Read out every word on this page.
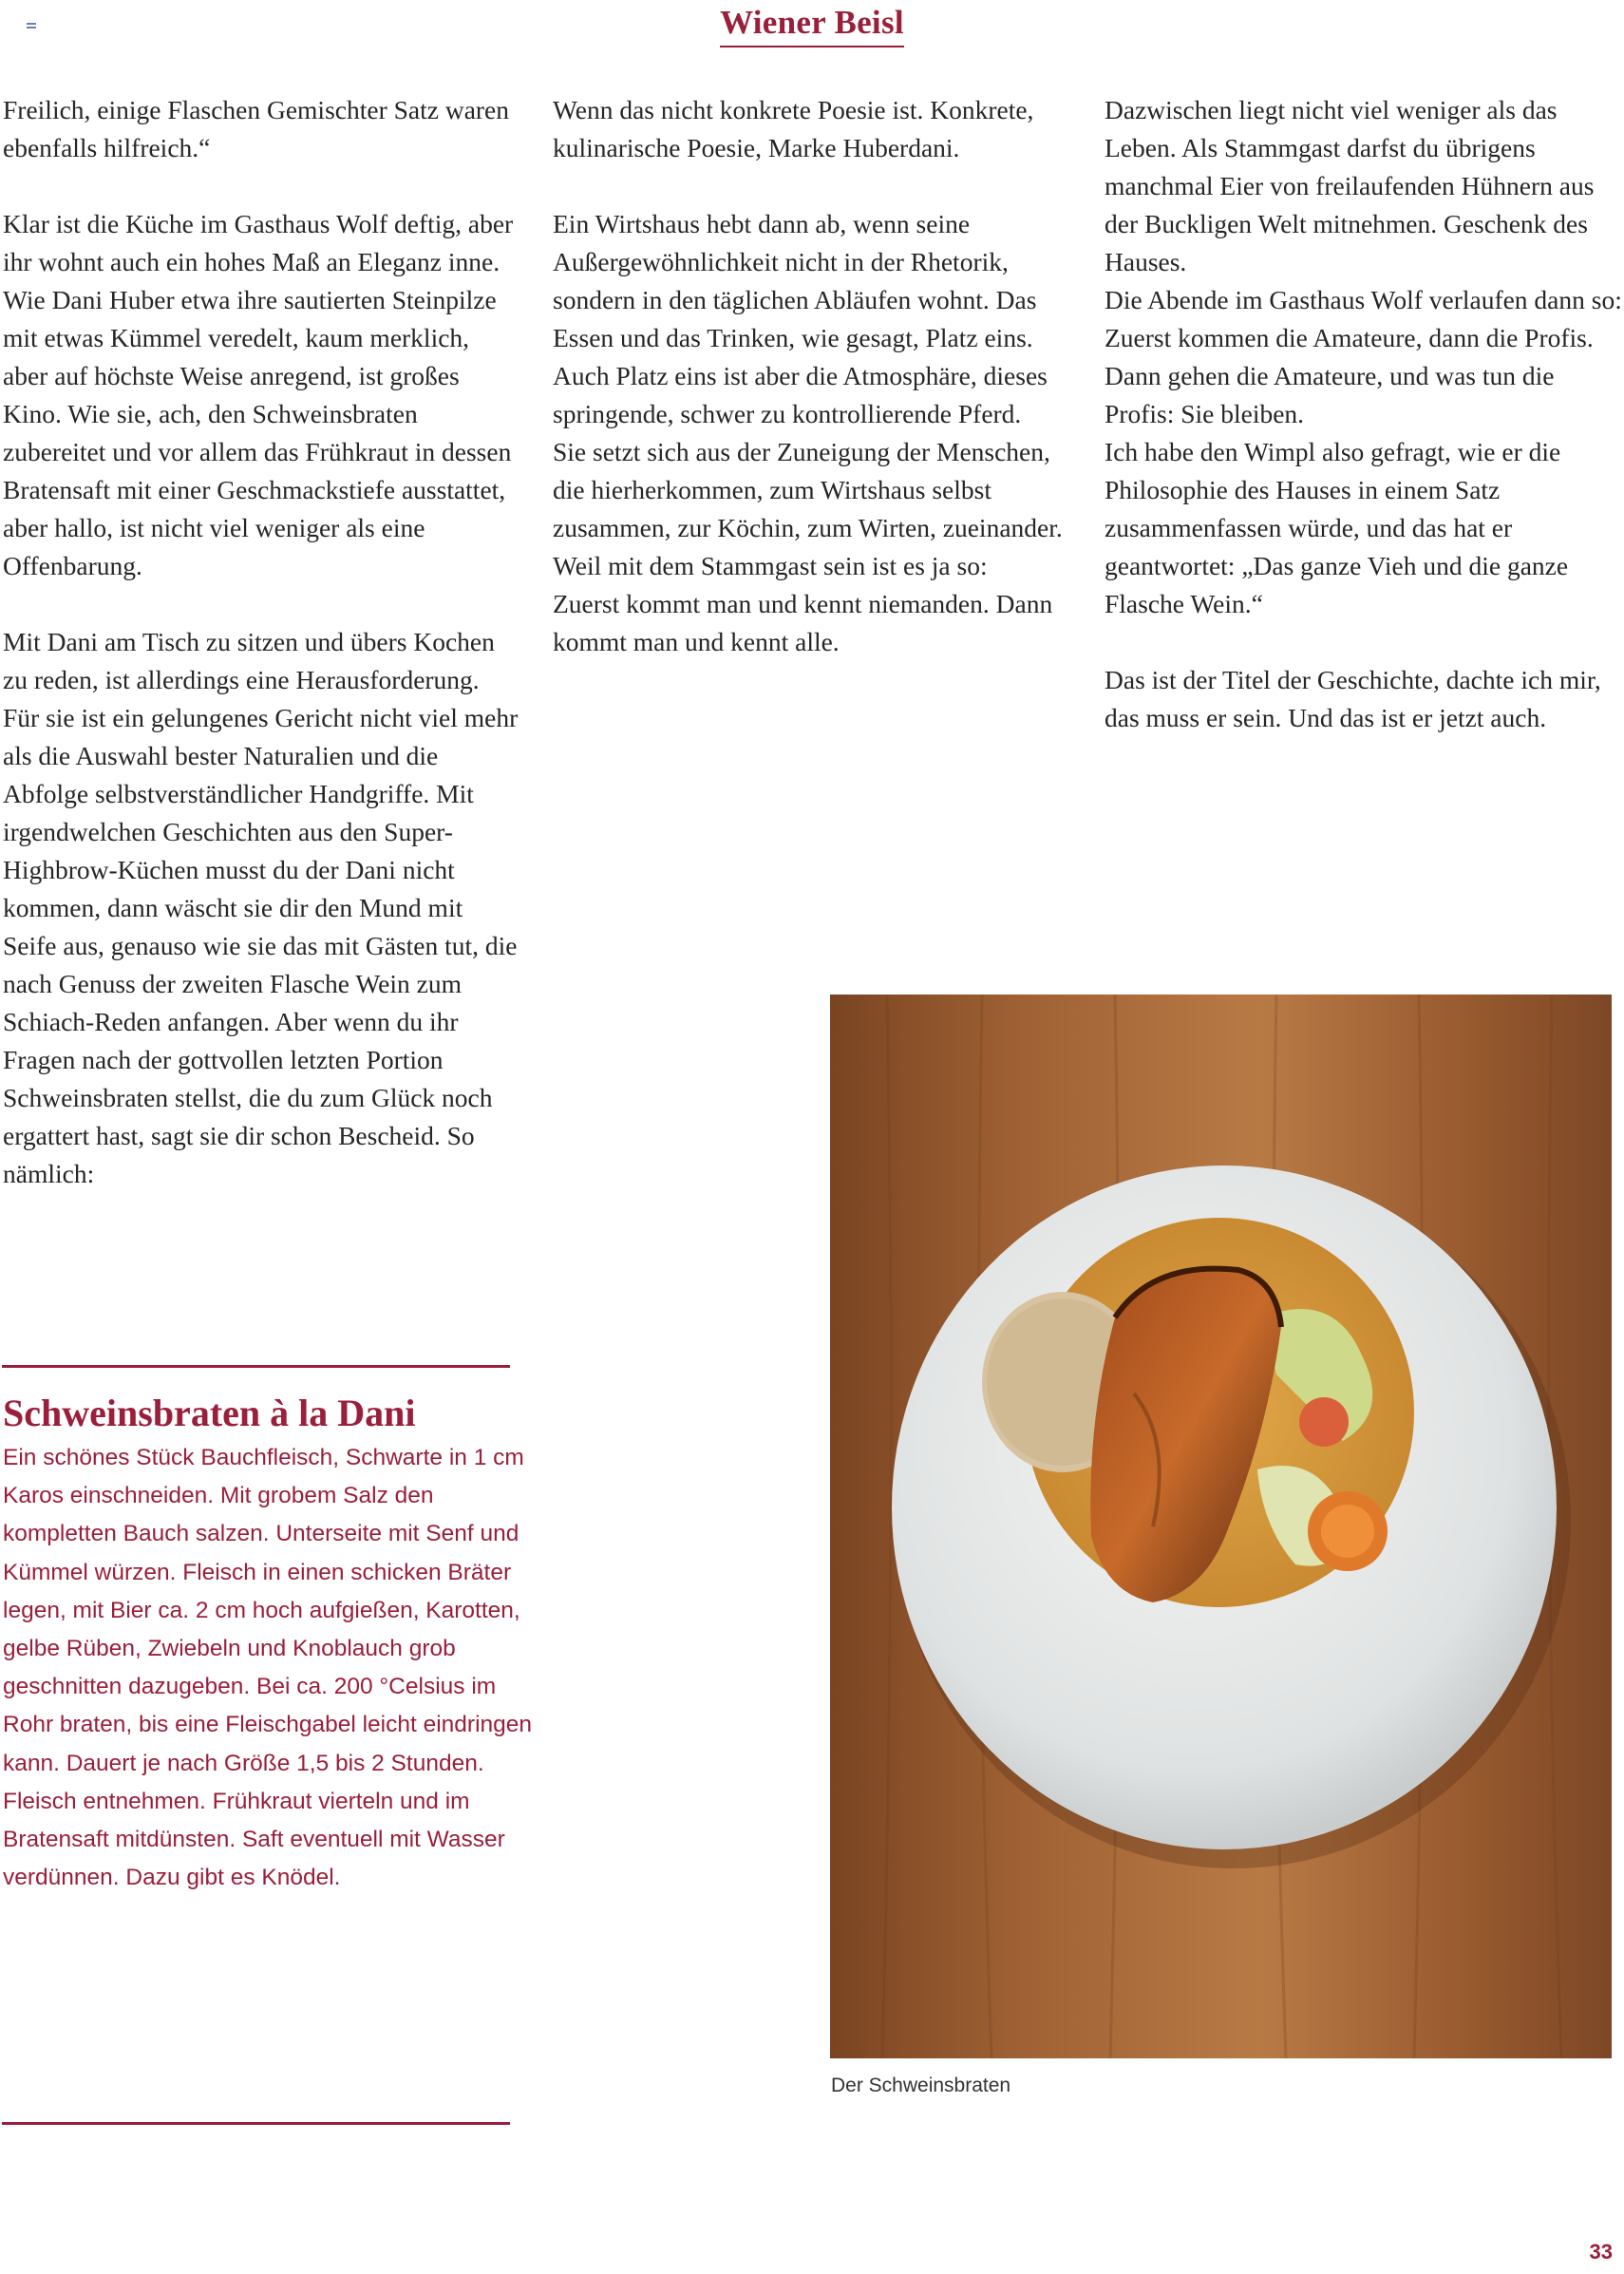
Wiener Beisl

Freilich, einige Flaschen Gemischter Satz waren ebenfalls hilfreich.“

Klar ist die Küche im Gasthaus Wolf deftig, aber ihr wohnt auch ein hohes Maß an Eleganz inne. Wie Dani Huber etwa ihre sautierten Steinpilze mit etwas Kümmel veredelt, kaum merklich, aber auf höchste Weise anregend, ist großes Kino. Wie sie, ach, den Schweinsbraten zubereitet und vor allem das Frühkraut in dessen Bratensaft mit einer Geschmackstiefe ausstattet, aber hallo, ist nicht viel weniger als eine Offenbarung.

Mit Dani am Tisch zu sitzen und übers Kochen zu reden, ist allerdings eine Herausforderung. Für sie ist ein gelungenes Gericht nicht viel mehr als die Auswahl bester Naturalien und die Abfolge selbstverständlicher Handgriffe. Mit irgendwelchen Geschichten aus den Super-Highbrow-Küchen musst du der Dani nicht kommen, dann wäscht sie dir den Mund mit Seife aus, genauso wie sie das mit Gästen tut, die nach Genuss der zweiten Flasche Wein zum Schiach-Reden anfangen. Aber wenn du ihr Fragen nach der gottvollen letzten Portion Schweinsbraten stellst, die du zum Glück noch ergattert hast, sagt sie dir schon Bescheid. So nämlich:

Wenn das nicht konkrete Poesie ist. Konkrete, kulinarische Poesie, Marke Huberdani.

Ein Wirtshaus hebt dann ab, wenn seine Außergewöhnlichkeit nicht in der Rhetorik, sondern in den täglichen Abläufen wohnt. Das Essen und das Trinken, wie gesagt, Platz eins. Auch Platz eins ist aber die Atmosphäre, dieses springende, schwer zu kontrollierende Pferd.

Sie setzt sich aus der Zuneigung der Menschen, die hierherkommen, zum Wirtshaus selbst zusammen, zur Köchin, zum Wirten, zueinander. Weil mit dem Stammgast sein ist es ja so:

Zuerst kommt man und kennt niemanden. Dann kommt man und kennt alle.

Dazwischen liegt nicht viel weniger als das Leben. Als Stammgast darfst du übrigens manchmal Eier von freilaufenden Hühnern aus der Buckligen Welt mitnehmen. Geschenk des Hauses.

Die Abende im Gasthaus Wolf verlaufen dann so: Zuerst kommen die Amateure, dann die Profis. Dann gehen die Amateure, und was tun die Profis: Sie bleiben.

Ich habe den Wimpl also gefragt, wie er die Philosophie des Hauses in einem Satz zusammenfassen würde, und das hat er geantwortet: „Das ganze Vieh und die ganze Flasche Wein.“

Das ist der Titel der Geschichte, dachte ich mir, das muss er sein. Und das ist er jetzt auch.

Schweinsbraten à la Dani
Ein schönes Stück Bauchfleisch, Schwarte in 1 cm Karos einschneiden. Mit grobem Salz den kompletten Bauch salzen. Unterseite mit Senf und Kümmel würzen. Fleisch in einen schicken Bräter legen, mit Bier ca. 2 cm hoch aufgießen, Karotten, gelbe Rüben, Zwiebeln und Knoblauch grob geschnitten dazugeben. Bei ca. 200 °Celsius im Rohr braten, bis eine Fleischgabel leicht eindringen kann. Dauert je nach Größe 1,5 bis 2 Stunden. Fleisch entnehmen. Frühkraut vierteln und im Bratensaft mitdünsten. Saft eventuell mit Wasser verdünnen. Dazu gibt es Knödel.
Der Schweinsbraten
33
